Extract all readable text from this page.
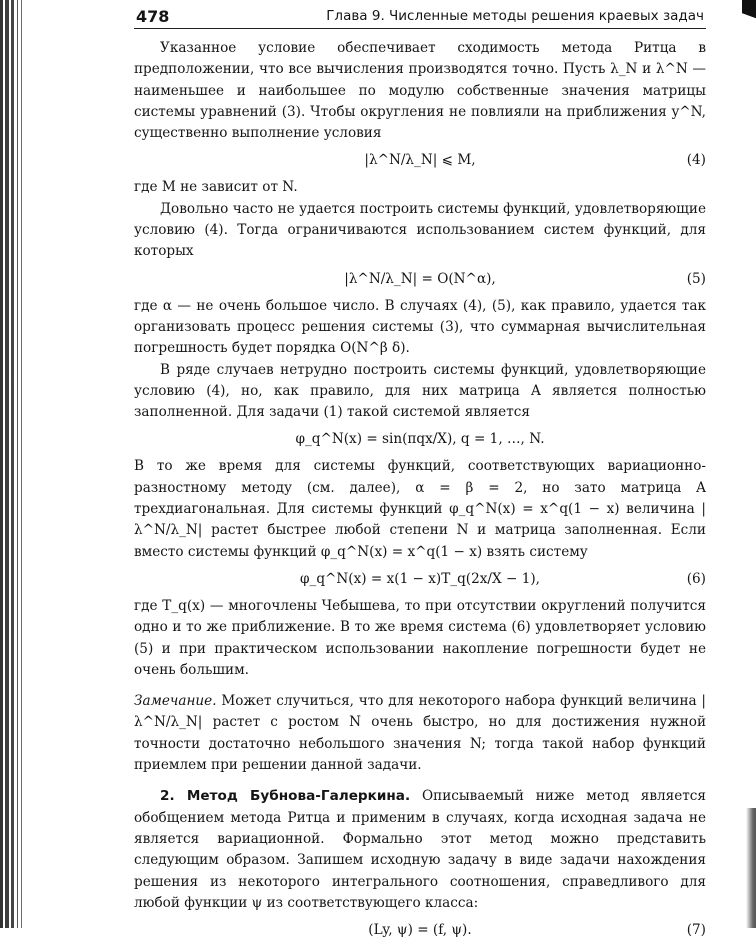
478	Глава 9. Численные методы решения краевых задач

Указанное условие обеспечивает сходимость метода Ритца в предположении, что все вычисления производятся точно. Пусть λ_N и λ^N — наименьшее и наибольшее по модулю собственные значения матрицы системы уравнений (3). Чтобы округления не повлияли на приближения y^N, существенно выполнение условия

|λ^N/λ_N| ⩽ M,	(4)

где M не зависит от N.

Довольно часто не удается построить системы функций, удовлетворяющие условию (4). Тогда ограничиваются использованием систем функций, для которых

|λ^N/λ_N| = O(N^α),	(5)

где α — не очень большое число. В случаях (4), (5), как правило, удается так организовать процесс решения системы (3), что суммарная вычислительная погрешность будет порядка O(N^β δ).

В ряде случаев нетрудно построить системы функций, удовлетворяющие условию (4), но, как правило, для них матрица A является полностью заполненной. Для задачи (1) такой системой является

φ_q^N(x) = sin(πqx/X), q = 1, …, N.

В то же время для системы функций, соответствующих вариационно-разностному методу (см. далее), α = β = 2, но зато матрица A трехдиагональная. Для системы функций φ_q^N(x) = x^q(1 − x) величина |λ^N/λ_N| растет быстрее любой степени N и матрица заполненная. Если вместо системы функций φ_q^N(x) = x^q(1 − x) взять систему

φ_q^N(x) = x(1 − x)T_q(2x/X − 1),	(6)

где T_q(x) — многочлены Чебышева, то при отсутствии округлений получится одно и то же приближение. В то же время система (6) удовлетворяет условию (5) и при практическом использовании накопление погрешности будет не очень большим.

Замечание. Может случиться, что для некоторого набора функций величина |λ^N/λ_N| растет с ростом N очень быстро, но для достижения нужной точности достаточно небольшого значения N; тогда такой набор функций приемлем при решении данной задачи.

2. Метод Бубнова-Галеркина. Описываемый ниже метод является обобщением метода Ритца и применим в случаях, когда исходная задача не является вариационной. Формально этот метод можно представить следующим образом. Запишем исходную задачу в виде задачи нахождения решения из некоторого интегрального соотношения, справедливого для любой функции ψ из соответствующего класса:

(Ly, ψ) = (f, ψ).	(7)
